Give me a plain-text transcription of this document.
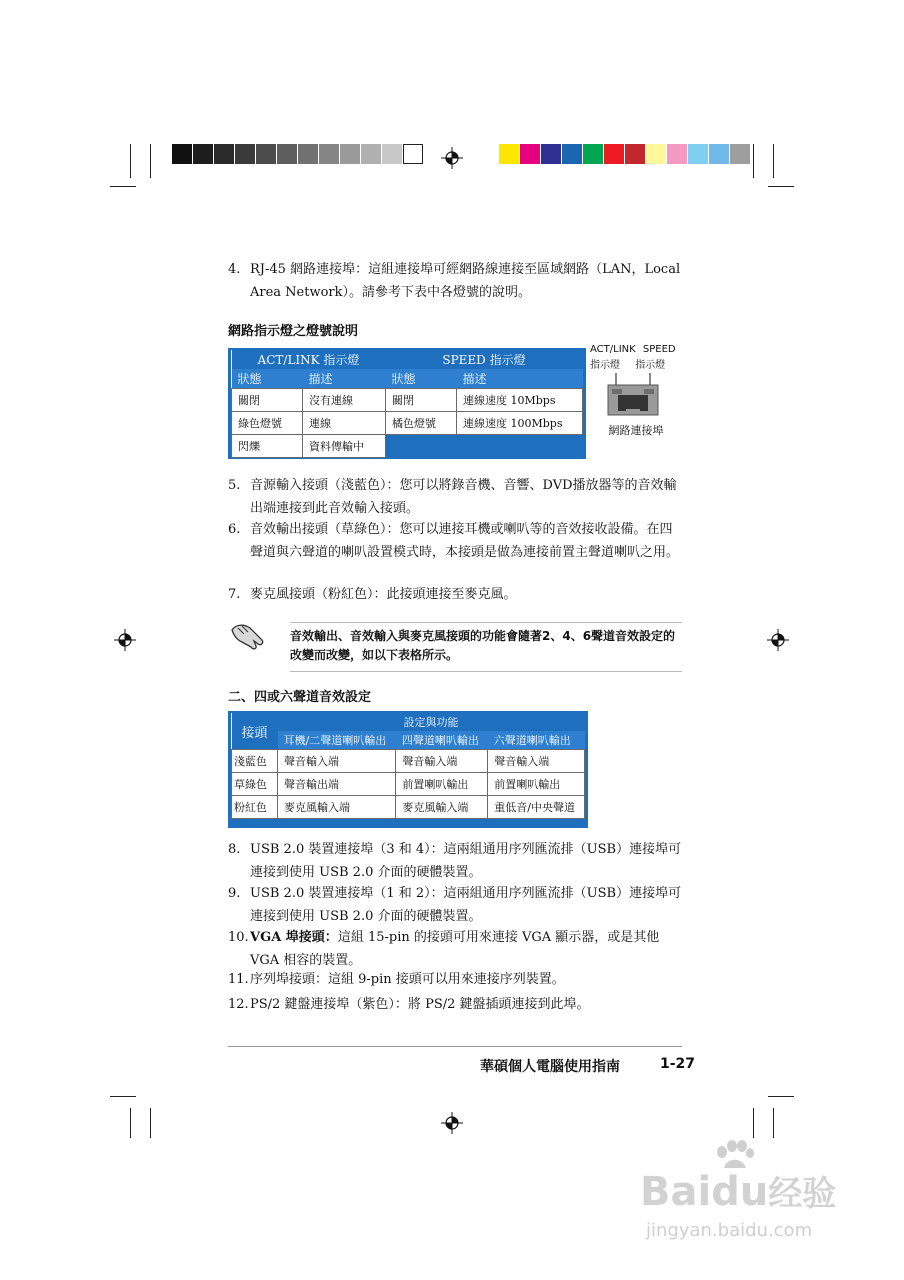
4. RJ-45 網路連接埠：這組連接埠可經網路線連接至區域網路（LAN，Local Area Network）。請參考下表中各燈號的說明。
網路指示燈之燈號說明
ACT/LINK 指示燈		SPEED 指示燈	
狀態	描述	狀態	描述
關閉	沒有連線	關閉	連線速度 10Mbps
綠色燈號	連線	橘色燈號	連線速度 100Mbps
閃爍	資料傳輸中		
ACT/LINK SPEED
指示燈 指示燈
網路連接埠
5. 音源輸入接頭（淺藍色）：您可以將錄音機、音響、DVD播放器等的音效輸出端連接到此音效輸入接頭。
6. 音效輸出接頭（草綠色）：您可以連接耳機或喇叭等的音效接收設備。在四聲道與六聲道的喇叭設置模式時，本接頭是做為連接前置主聲道喇叭之用。
7. 麥克風接頭（粉紅色）：此接頭連接至麥克風。
音效輸出、音效輸入與麥克風接頭的功能會隨著2、4、6聲道音效設定的改變而改變，如以下表格所示。
二、四或六聲道音效設定
接頭	設定與功能		
	耳機/二聲道喇叭輸出	四聲道喇叭輸出	六聲道喇叭輸出
淺藍色	聲音輸入端	聲音輸入端	聲音輸入端
草綠色	聲音輸出端	前置喇叭輸出	前置喇叭輸出
粉紅色	麥克風輸入端	麥克風輸入端	重低音/中央聲道
8. USB 2.0 裝置連接埠（3 和 4）：這兩組通用序列匯流排（USB）連接埠可連接到使用 USB 2.0 介面的硬體裝置。
9. USB 2.0 裝置連接埠（1 和 2）：這兩組通用序列匯流排（USB）連接埠可連接到使用 USB 2.0 介面的硬體裝置。
10. VGA 埠接頭：這組 15-pin 的接頭可用來連接 VGA 顯示器，或是其他 VGA 相容的裝置。
11. 序列埠接頭：這組 9-pin 接頭可以用來連接序列裝置。
12. PS/2 鍵盤連接埠（紫色）：將 PS/2 鍵盤插頭連接到此埠。
華碩個人電腦使用指南	1-27
Baidu经验
jingyan.baidu.com
